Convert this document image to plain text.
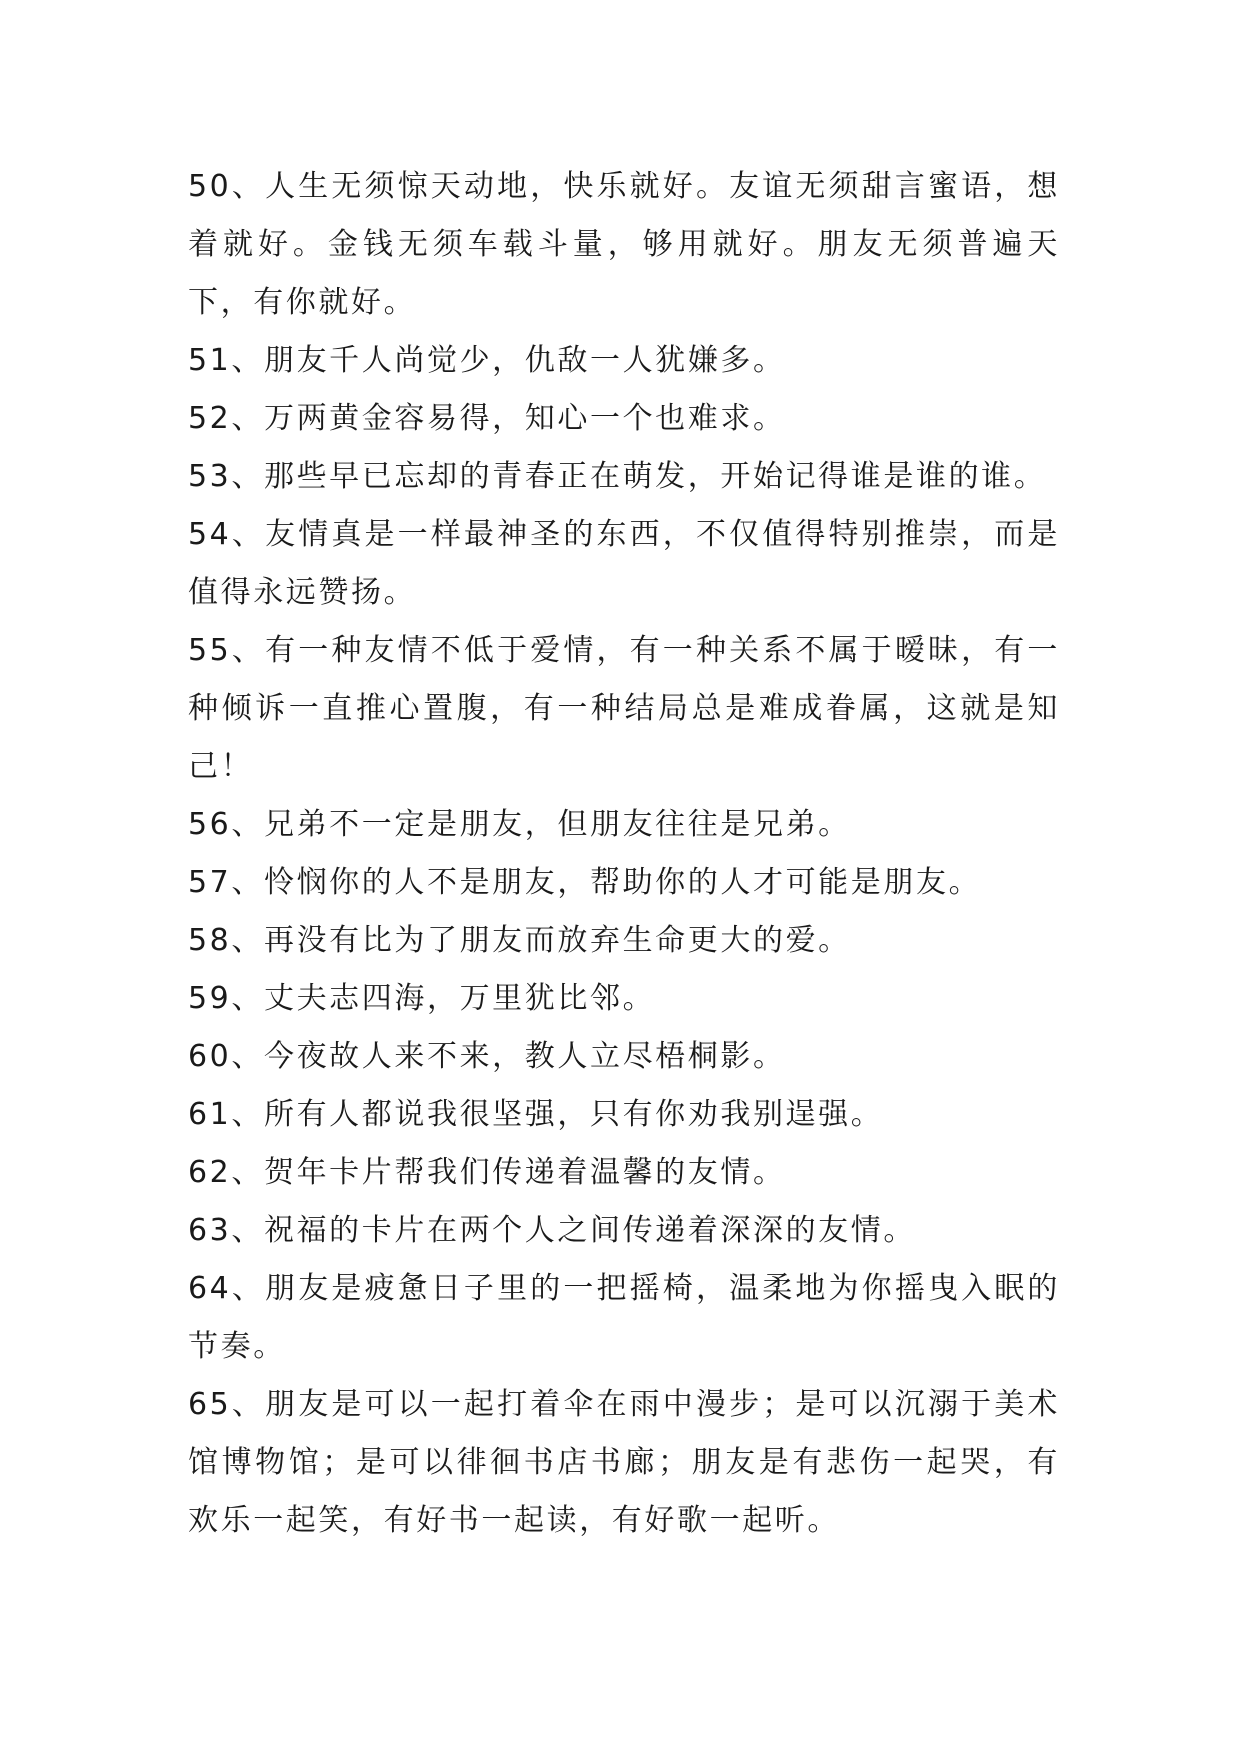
50、人生无须惊天动地，快乐就好。友谊无须甜言蜜语，想着就好。金钱无须车载斗量，够用就好。朋友无须普遍天下，有你就好。

51、朋友千人尚觉少，仇敌一人犹嫌多。

52、万两黄金容易得，知心一个也难求。

53、那些早已忘却的青春正在萌发，开始记得谁是谁的谁。

54、友情真是一样最神圣的东西，不仅值得特别推崇，而是值得永远赞扬。

55、有一种友情不低于爱情，有一种关系不属于暧昧，有一种倾诉一直推心置腹，有一种结局总是难成眷属，这就是知己！

56、兄弟不一定是朋友，但朋友往往是兄弟。

57、怜悯你的人不是朋友，帮助你的人才可能是朋友。

58、再没有比为了朋友而放弃生命更大的爱。

59、丈夫志四海，万里犹比邻。

60、今夜故人来不来，教人立尽梧桐影。

61、所有人都说我很坚强，只有你劝我别逞强。

62、贺年卡片帮我们传递着温馨的友情。

63、祝福的卡片在两个人之间传递着深深的友情。

64、朋友是疲惫日子里的一把摇椅，温柔地为你摇曳入眠的节奏。

65、朋友是可以一起打着伞在雨中漫步；是可以沉溺于美术馆博物馆；是可以徘徊书店书廊；朋友是有悲伤一起哭，有欢乐一起笑，有好书一起读，有好歌一起听。
